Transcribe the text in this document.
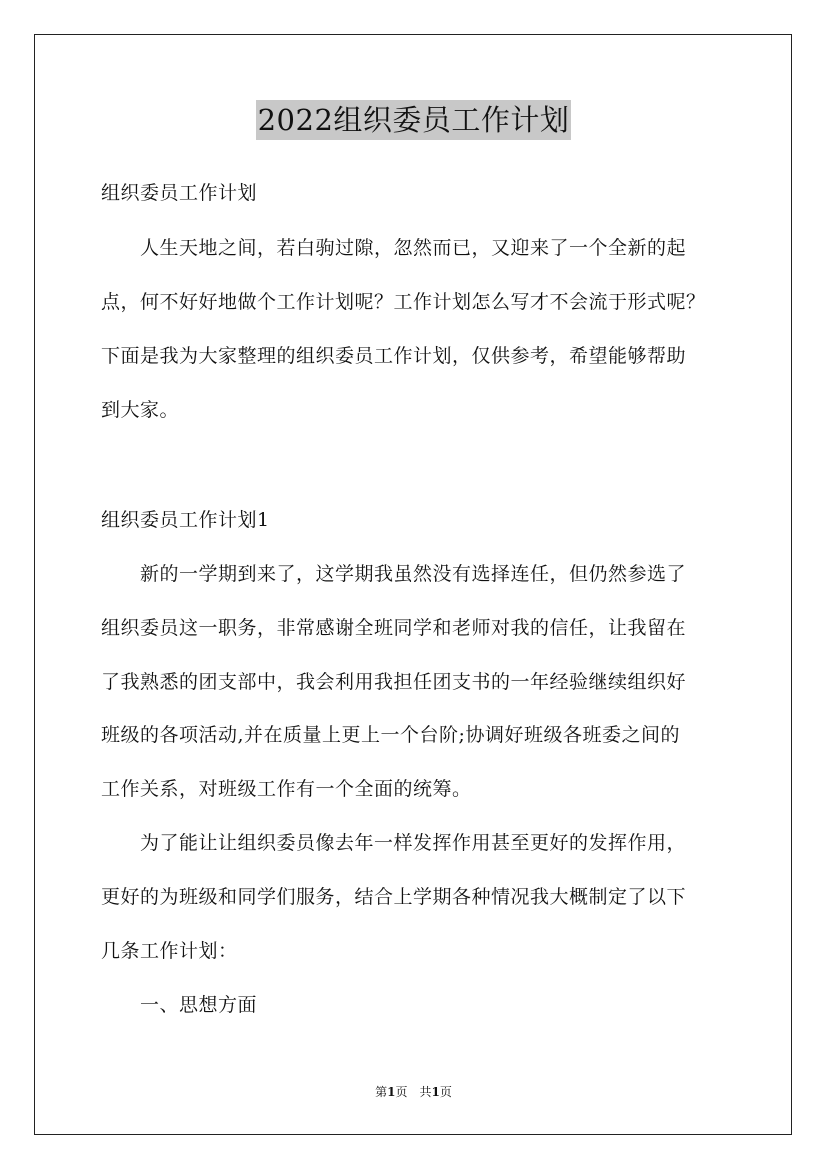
2022组织委员工作计划
组织委员工作计划
　　人生天地之间，若白驹过隙，忽然而已，又迎来了一个全新的起
点，何不好好地做个工作计划呢？工作计划怎么写才不会流于形式呢？
下面是我为大家整理的组织委员工作计划，仅供参考，希望能够帮助
到大家。
组织委员工作计划1
　　新的一学期到来了，这学期我虽然没有选择连任，但仍然参选了
组织委员这一职务，非常感谢全班同学和老师对我的信任，让我留在
了我熟悉的团支部中，我会利用我担任团支书的一年经验继续组织好
班级的各项活动,并在质量上更上一个台阶;协调好班级各班委之间的
工作关系，对班级工作有一个全面的统筹。
　　为了能让让组织委员像去年一样发挥作用甚至更好的发挥作用，
更好的为班级和同学们服务，结合上学期各种情况我大概制定了以下
几条工作计划：
　　一、思想方面
第1页　共1页
